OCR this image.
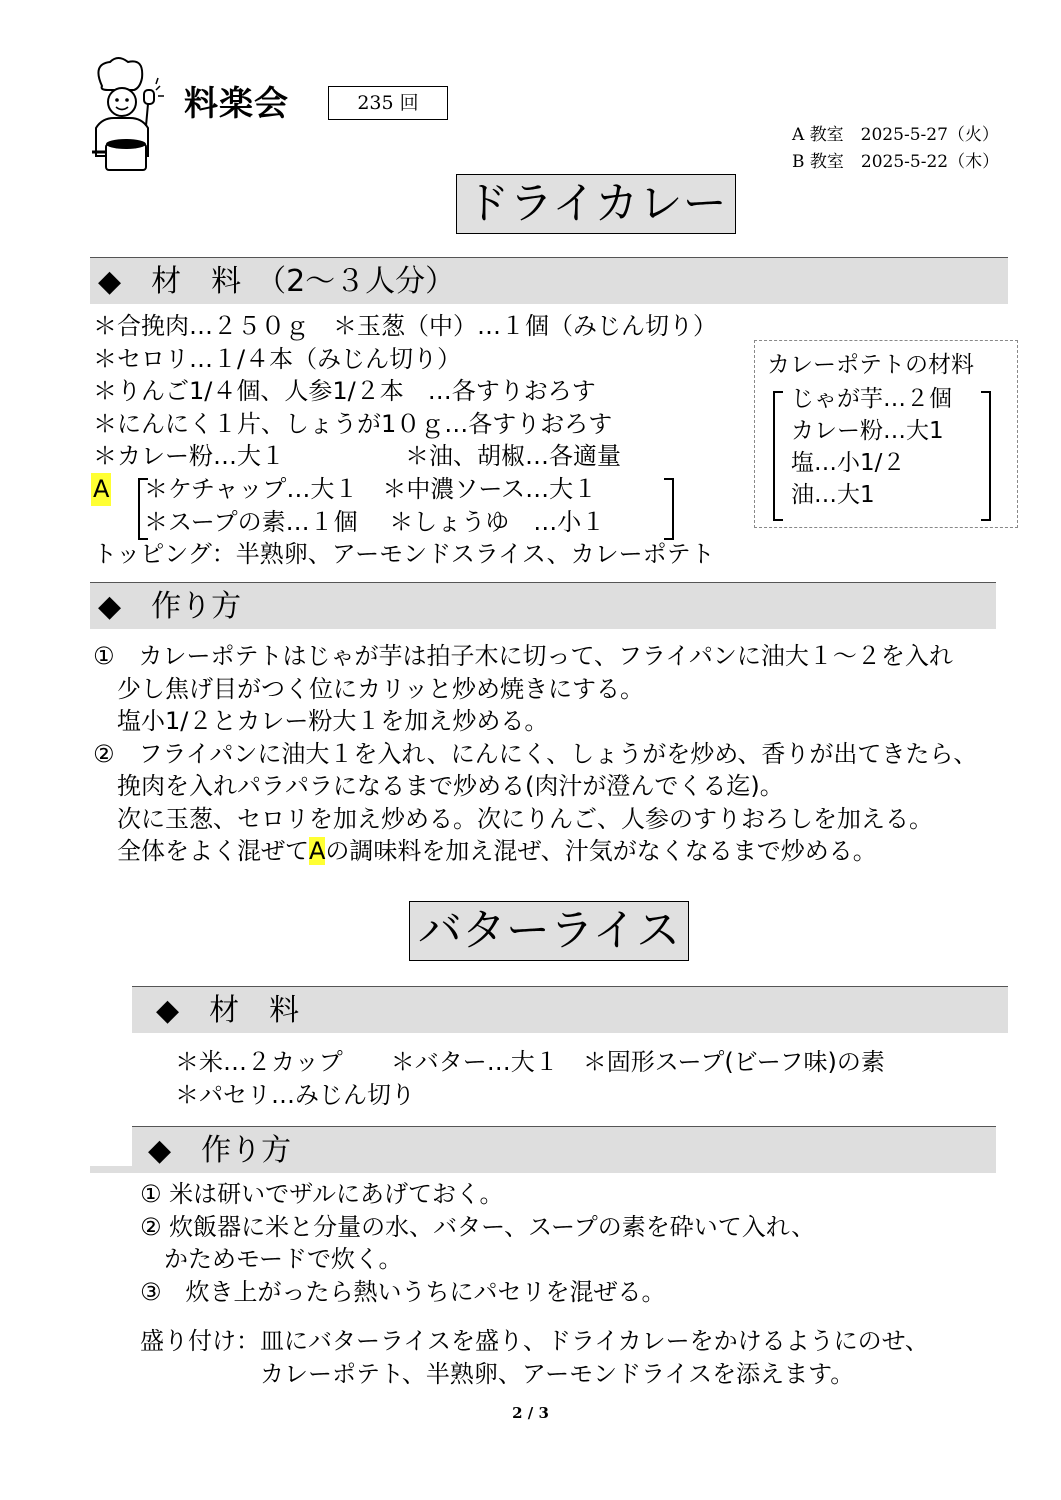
料楽会	235 回
A 教室　2025-5-27（火）
B 教室　2025-5-22（木）
ドライカレー
◆　材　料　（2～３人分）
＊合挽肉…２５０ｇ　＊玉葱（中）…１個（みじん切り）
＊セロリ…１/４本（みじん切り）
＊りんご1/４個、人参1/２本　…各すりおろす
＊にんにく１片、しょうが1０ｇ…各すりおろす
＊カレー粉…大１　　　　　＊油、胡椒…各適量
A ＊ケチャップ…大１　＊中濃ソース…大１
＊スープの素…１個　 ＊しょうゆ　…小１
トッピング：半熟卵、アーモンドスライス、カレーポテト
カレーポテトの材料
じゃが芋…２個
カレー粉…大1
塩…小1/２
油…大1
◆　作り方
①　カレーポテトはじゃが芋は拍子木に切って、フライパンに油大１～２を入れ
　少し焦げ目がつく位にカリッと炒め焼きにする。
　塩小1/２とカレー粉大１を加え炒める。
②　フライパンに油大１を入れ、にんにく、しょうがを炒め、香りが出てきたら、
　挽肉を入れパラパラになるまで炒める(肉汁が澄んでくる迄)。
　次に玉葱、セロリを加え炒める。次にりんご、人参のすりおろしを加える。
　全体をよく混ぜてAの調味料を加え混ぜ、汁気がなくなるまで炒める。
バターライス
◆　材　料
＊米…２カップ　　＊バター…大１　＊固形スープ(ビーフ味)の素
＊パセリ…みじん切り
◆　作り方
① 米は研いでザルにあげておく。
② 炊飯器に米と分量の水、バター、スープの素を砕いて入れ、
　かためモードで炊く。
③　炊き上がったら熱いうちにパセリを混ぜる。
盛り付け：皿にバターライスを盛り、ドライカレーをかけるようにのせ、
　　　　　カレーポテト、半熟卵、アーモンドライスを添えます。
2 / 3
